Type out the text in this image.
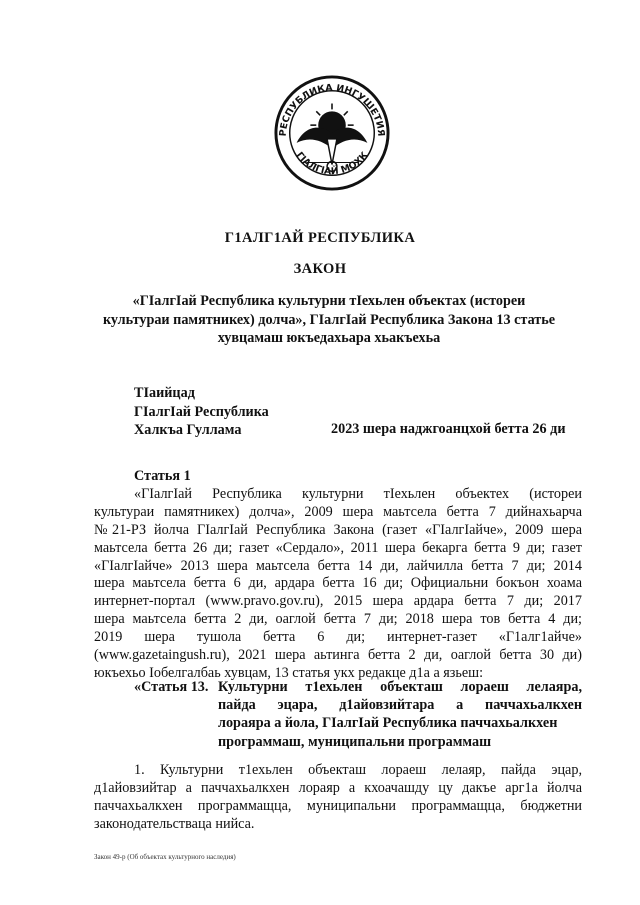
РЕСПУБЛИКА ИНГУШЕТИЯ
ГIАЛГIАЙ МОХК
Г1АЛГ1АЙ РЕСПУБЛИКА
ЗАКОН
«ГIалгIай Республика культурни тIехьлен объектах (истореи
культураи памятникех) долча», ГIалгIай Республика Закона 13 статье
хувцамаш юкъедахьара хьакъехьа
ТIаийцад
ГIалгIай Республика
Халкъа Гуллама	2023 шера наджгоанцхой бетта 26 ди
Статья 1
«ГIалгIай Республика культурни тIехьлен объектех (истореи
культураи памятникех) долча», 2009 шера маьтсела бетта 7 дийнахьарча
№21-РЗ йолча ГIалгIай Республика Закона (газет «ГIалгIайче», 2009 шера
маьтсела бетта 26 ди; газет «Сердало», 2011 шера бекарга бетта 9 ди; газет
«ГIалгIайче» 2013 шера маьтсела бетта 14 ди, лайчилла бетта 7 ди; 2014
шера маьтсела бетта 6 ди, ардара бетта 16 ди; Официальни бокъон хоама
интернет-портал (www.pravo.gov.ru), 2015 шера ардара бетта 7 ди; 2017
шера маьтсела бетта 2 ди, оаглой бетта 7 ди; 2018 шера тов бетта 4 ди;
2019 шера тушола бетта 6 ди; интернет-газет «Г1алг1айче»
(www.gazetaingush.ru), 2021 шера аьтинга бетта 2 ди, оаглой бетта 30 ди)
юкъехьо Iобелгалбаь хувцам, 13 статья укх редакце д1а а язьеш:
«Статья 13. Культурни т1ехьлен объекташ лораеш лелаяра,
пайда эцара, д1айовзийтара а паччахьалкхен
лораяра а йола, ГIалгIай Республика паччахьалкхен
программаш, муниципальни программаш
1. Культурни т1ехьлен объекташ лораеш лелаяр, пайда эцар,
д1айовзийтар а паччахьалкхен лораяр а кхоачашду цу дакъе арг1а йолча
паччахьалкхен программащца, муниципальни программащца, бюджетни
законодательстваца нийса.
Закон 49-р (Об объектах культурного наследия)
